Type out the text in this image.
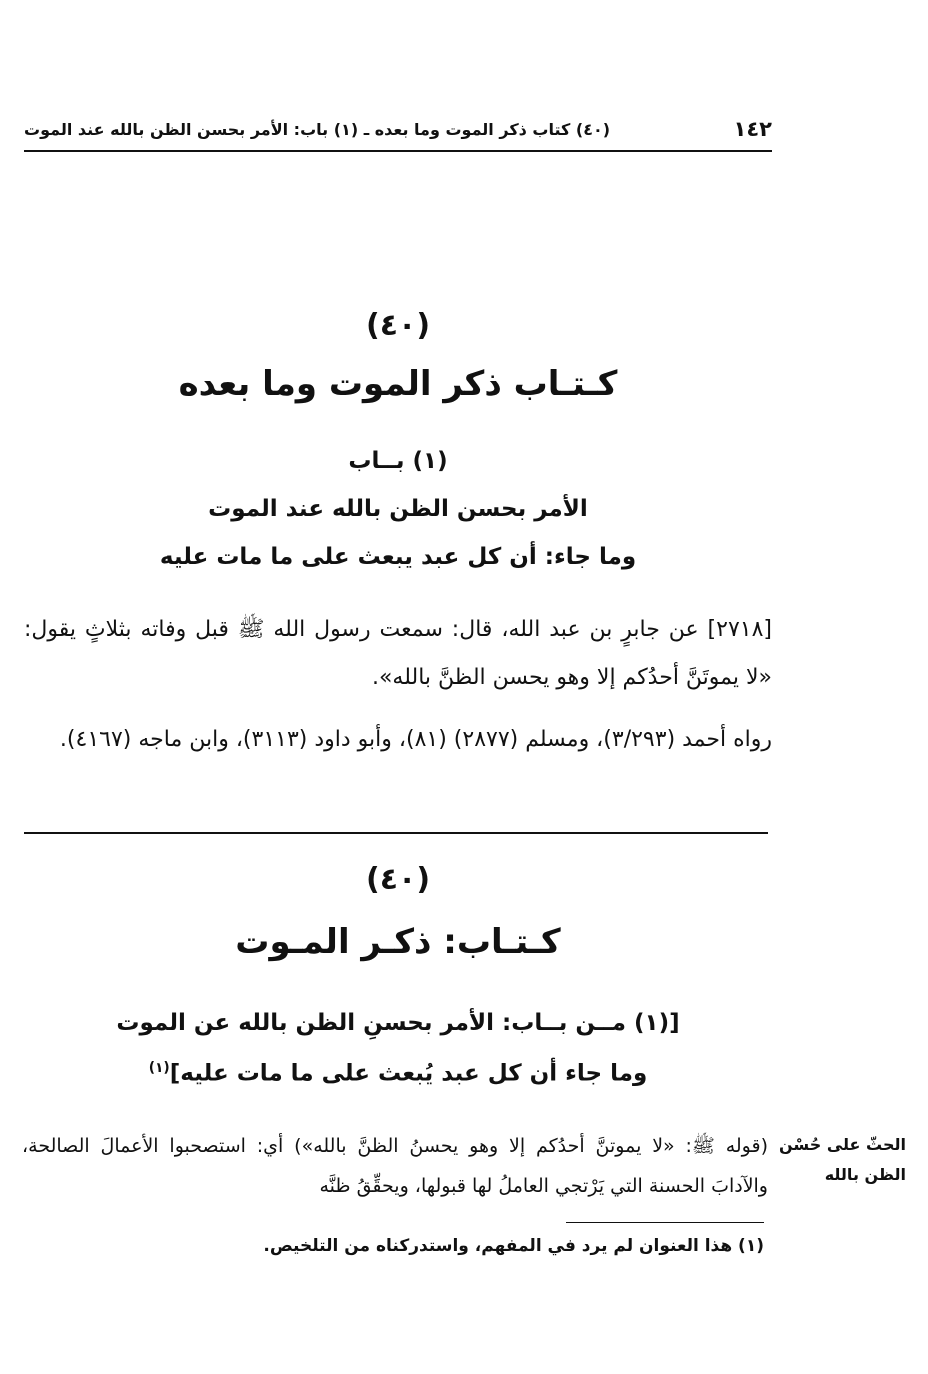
١٤٢
(٤٠) كتاب ذكر الموت وما بعده ـ (١) باب: الأمر بحسن الظن بالله عند الموت
(٤٠)
كـتـاب ذكر الموت وما بعده
(١) بــاب
الأمر بحسن الظن بالله عند الموت
وما جاء: أن كل عبد يبعث على ما مات عليه
[٢٧١٨] عن جابرٍ بن عبد الله، قال: سمعت رسول الله ﷺ قبل وفاته بثلاثٍ يقول: «لا يموتَنَّ أحدُكم إلا وهو يحسن الظنَّ بالله».
رواه أحمد (٣/٢٩٣)، ومسلم (٢٨٧٧) (٨١)، وأبو داود (٣١١٣)، وابن ماجه (٤١٦٧).
(٤٠)
كـتـاب: ذكـر المـوت
[(١) مــن بــاب: الأمر بحسنِ الظن بالله عن الموت
وما جاء أن كل عبد يُبعث على ما مات عليه]$^{(١)}$
الحثّ على حُسْن الظن بالله
(قوله ﷺ: «لا يموتنَّ أحدُكم إلا وهو يحسنُ الظنَّ بالله») أي: استصحبوا الأعمالَ الصالحة، والآدابَ الحسنة التي يَرْتجي العاملُ لها قبولها، ويحقِّقُ ظنَّه
(١) هذا العنوان لم يرد في المفهم، واستدركناه من التلخيص.
